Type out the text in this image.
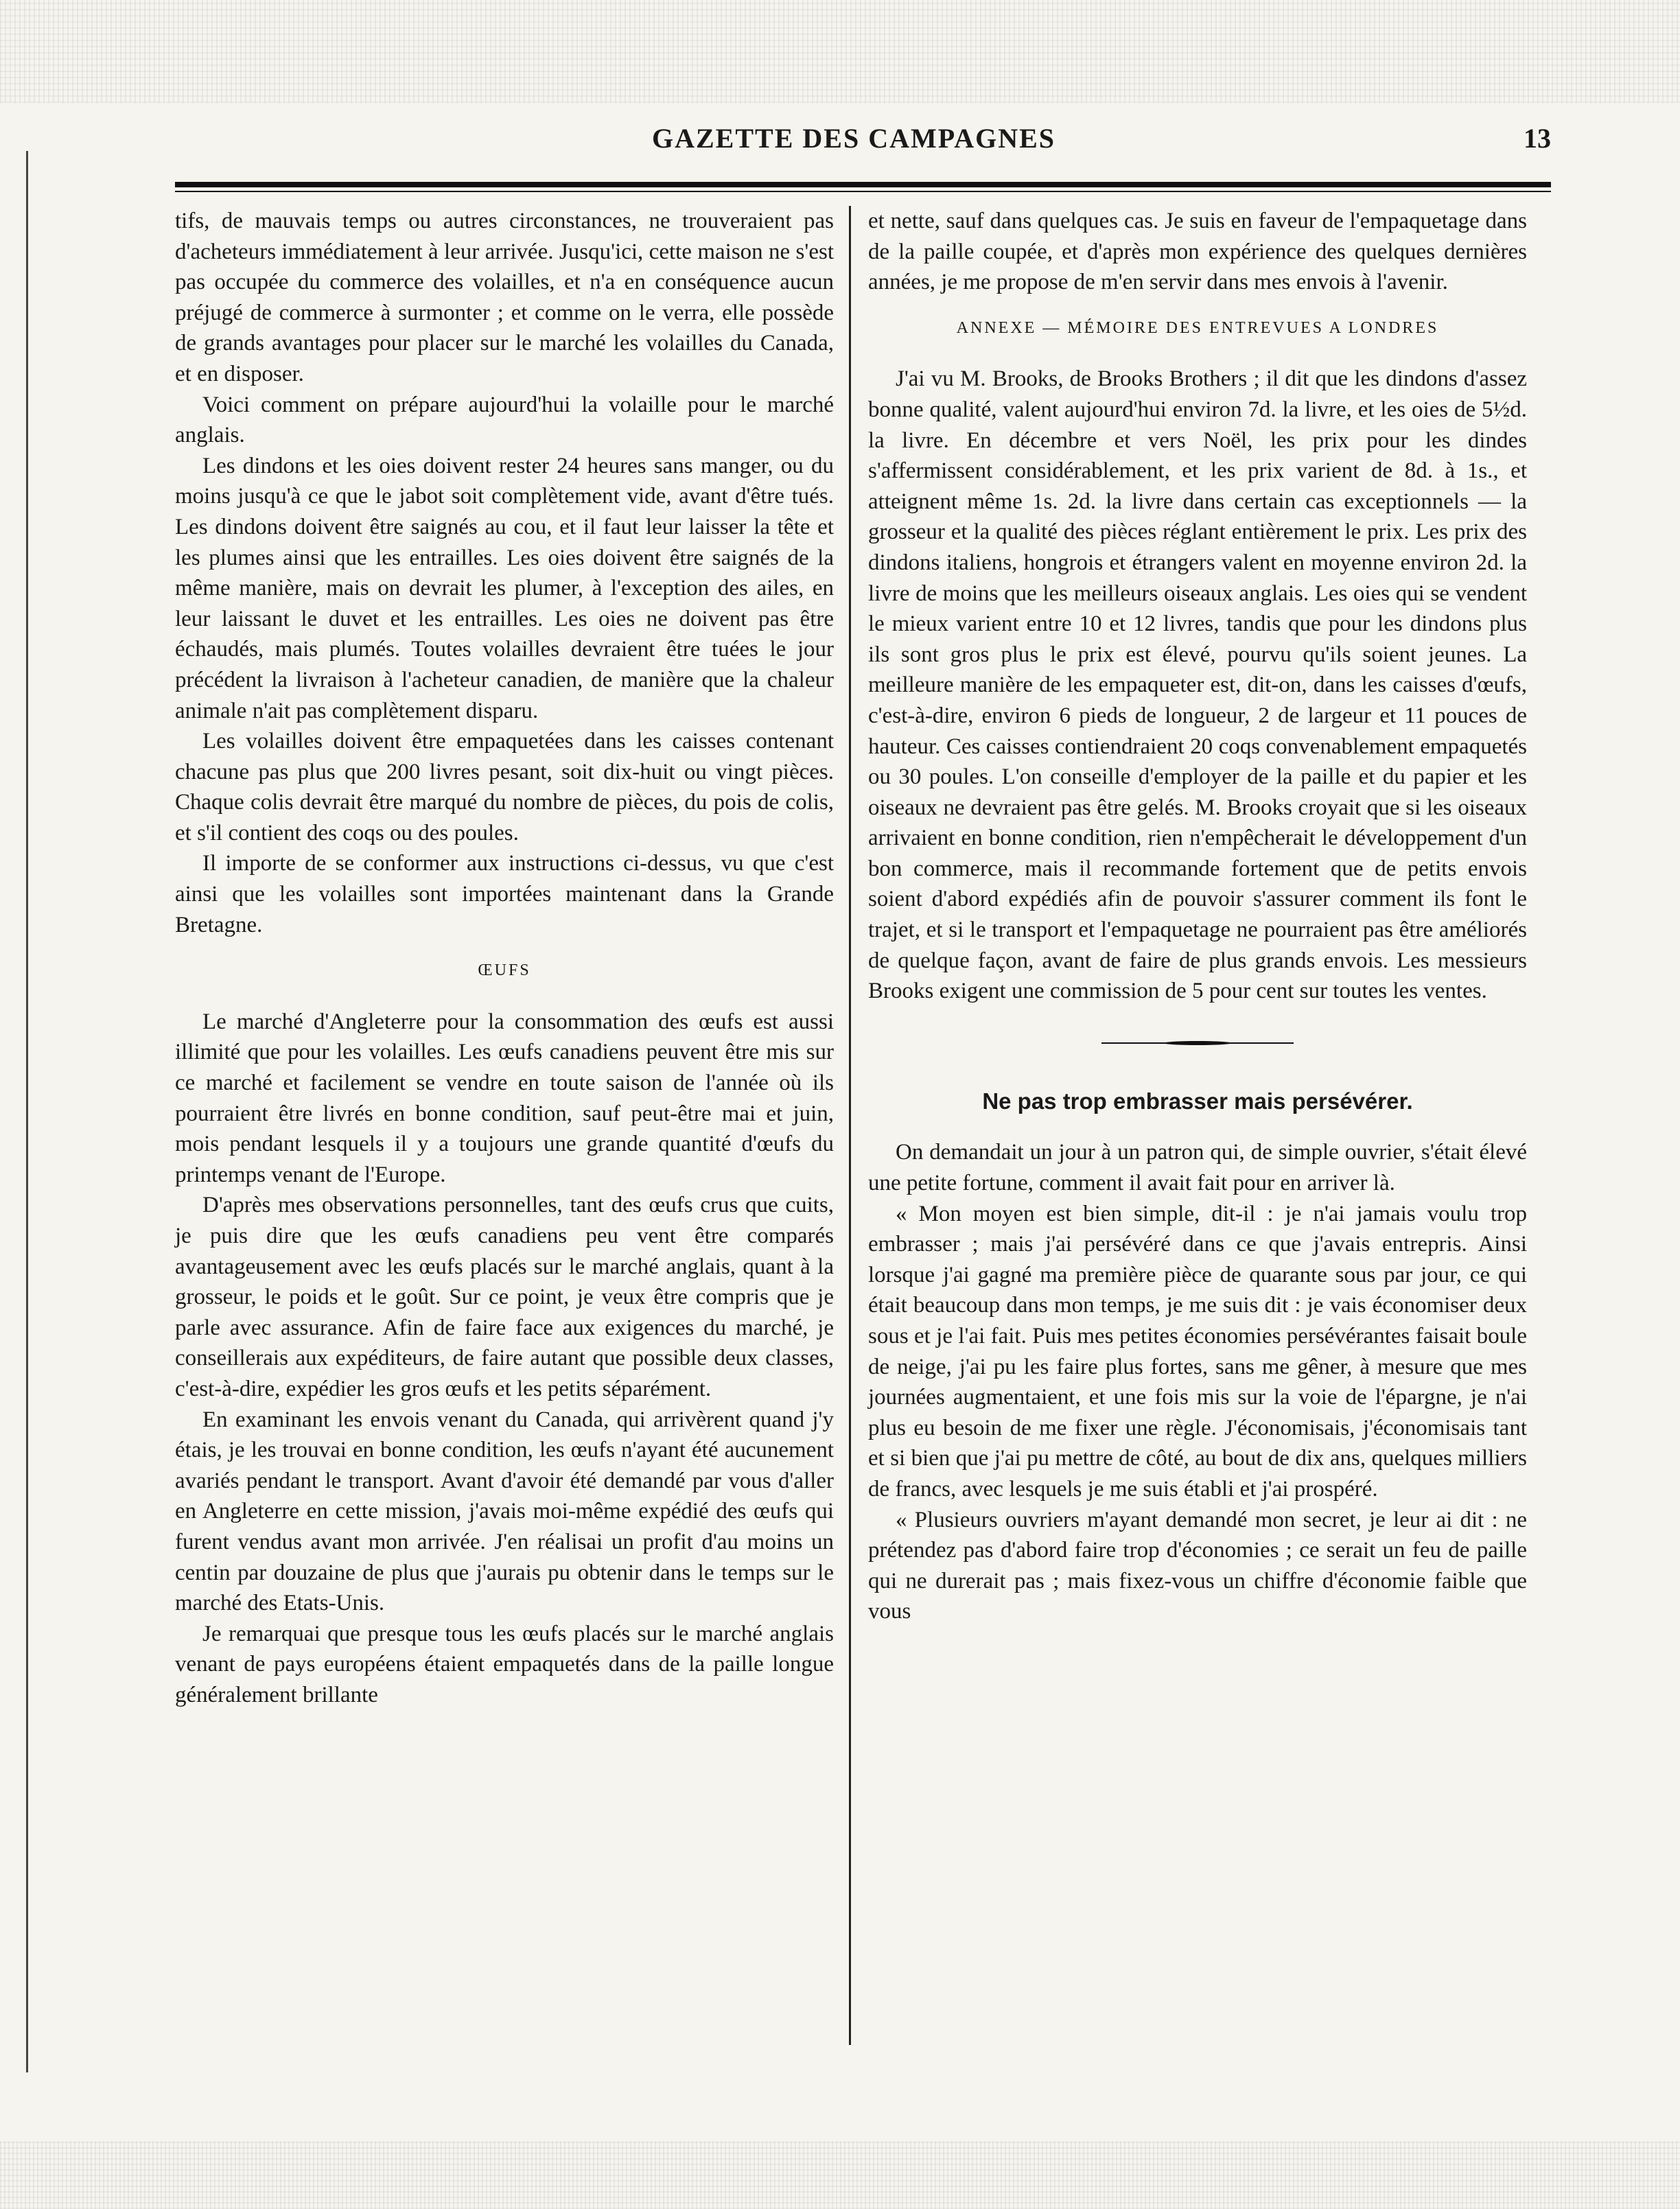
GAZETTE DES CAMPAGNES	13

tifs, de mauvais temps ou autres circonstances, ne trouveraient pas d'acheteurs immédiatement à leur arrivée. Jusqu'ici, cette maison ne s'est pas occupée du commerce des volailles, et n'a en conséquence aucun préjugé de commerce à surmonter ; et comme on le verra, elle possède de grands avantages pour placer sur le marché les volailles du Canada, et en disposer.

Voici comment on prépare aujourd'hui la volaille pour le marché anglais.

Les dindons et les oies doivent rester 24 heures sans manger, ou du moins jusqu'à ce que le jabot soit complètement vide, avant d'être tués. Les dindons doivent être saignés au cou, et il faut leur laisser la tête et les plumes ainsi que les entrailles. Les oies doivent être saignés de la même manière, mais on devrait les plumer, à l'exception des ailes, en leur laissant le duvet et les entrailles. Les oies ne doivent pas être échaudés, mais plumés. Toutes volailles devraient être tuées le jour précédent la livraison à l'acheteur canadien, de manière que la chaleur animale n'ait pas complètement disparu.

Les volailles doivent être empaquetées dans les caisses contenant chacune pas plus que 200 livres pesant, soit dix-huit ou vingt pièces. Chaque colis devrait être marqué du nombre de pièces, du pois de colis, et s'il contient des coqs ou des poules.

Il importe de se conformer aux instructions ci-dessus, vu que c'est ainsi que les volailles sont importées maintenant dans la Grande Bretagne.

ŒUFS

Le marché d'Angleterre pour la consommation des œufs est aussi illimité que pour les volailles. Les œufs canadiens peuvent être mis sur ce marché et facilement se vendre en toute saison de l'année où ils pourraient être livrés en bonne condition, sauf peut-être mai et juin, mois pendant lesquels il y a toujours une grande quantité d'œufs du printemps venant de l'Europe.

D'après mes observations personnelles, tant des œufs crus que cuits, je puis dire que les œufs canadiens peu vent être comparés avantageusement avec les œufs placés sur le marché anglais, quant à la grosseur, le poids et le goût. Sur ce point, je veux être compris que je parle avec assurance. Afin de faire face aux exigences du marché, je conseillerais aux expéditeurs, de faire autant que possible deux classes, c'est-à-dire, expédier les gros œufs et les petits séparément.

En examinant les envois venant du Canada, qui arrivèrent quand j'y étais, je les trouvai en bonne condition, les œufs n'ayant été aucunement avariés pendant le transport. Avant d'avoir été demandé par vous d'aller en Angleterre en cette mission, j'avais moi-même expédié des œufs qui furent vendus avant mon arrivée. J'en réalisai un profit d'au moins un centin par douzaine de plus que j'aurais pu obtenir dans le temps sur le marché des Etats-Unis.

Je remarquai que presque tous les œufs placés sur le marché anglais venant de pays européens étaient empaquetés dans de la paille longue généralement brillante

et nette, sauf dans quelques cas. Je suis en faveur de l'empaquetage dans de la paille coupée, et d'après mon expérience des quelques dernières années, je me propose de m'en servir dans mes envois à l'avenir.

ANNEXE — MÉMOIRE DES ENTREVUES A LONDRES

J'ai vu M. Brooks, de Brooks Brothers ; il dit que les dindons d'assez bonne qualité, valent aujourd'hui environ 7d. la livre, et les oies de 5½d. la livre. En décembre et vers Noël, les prix pour les dindes s'affermissent considérablement, et les prix varient de 8d. à 1s., et atteignent même 1s. 2d. la livre dans certain cas exceptionnels — la grosseur et la qualité des pièces réglant entièrement le prix. Les prix des dindons italiens, hongrois et étrangers valent en moyenne environ 2d. la livre de moins que les meilleurs oiseaux anglais. Les oies qui se vendent le mieux varient entre 10 et 12 livres, tandis que pour les dindons plus ils sont gros plus le prix est élevé, pourvu qu'ils soient jeunes. La meilleure manière de les empaqueter est, dit-on, dans les caisses d'œufs, c'est-à-dire, environ 6 pieds de longueur, 2 de largeur et 11 pouces de hauteur. Ces caisses contiendraient 20 coqs convenablement empaquetés ou 30 poules. L'on conseille d'employer de la paille et du papier et les oiseaux ne devraient pas être gelés. M. Brooks croyait que si les oiseaux arrivaient en bonne condition, rien n'empêcherait le développement d'un bon commerce, mais il recommande fortement que de petits envois soient d'abord expédiés afin de pouvoir s'assurer comment ils font le trajet, et si le transport et l'empaquetage ne pourraient pas être améliorés de quelque façon, avant de faire de plus grands envois. Les messieurs Brooks exigent une commission de 5 pour cent sur toutes les ventes.

Ne pas trop embrasser mais persévérer.

On demandait un jour à un patron qui, de simple ouvrier, s'était élevé une petite fortune, comment il avait fait pour en arriver là.

« Mon moyen est bien simple, dit-il : je n'ai jamais voulu trop embrasser ; mais j'ai persévéré dans ce que j'avais entrepris. Ainsi lorsque j'ai gagné ma première pièce de quarante sous par jour, ce qui était beaucoup dans mon temps, je me suis dit : je vais économiser deux sous et je l'ai fait. Puis mes petites économies persévérantes faisait boule de neige, j'ai pu les faire plus fortes, sans me gêner, à mesure que mes journées augmentaient, et une fois mis sur la voie de l'épargne, je n'ai plus eu besoin de me fixer une règle. J'économisais, j'économisais tant et si bien que j'ai pu mettre de côté, au bout de dix ans, quelques milliers de francs, avec lesquels je me suis établi et j'ai prospéré.

« Plusieurs ouvriers m'ayant demandé mon secret, je leur ai dit : ne prétendez pas d'abord faire trop d'économies ; ce serait un feu de paille qui ne durerait pas ; mais fixez-vous un chiffre d'économie faible que vous
